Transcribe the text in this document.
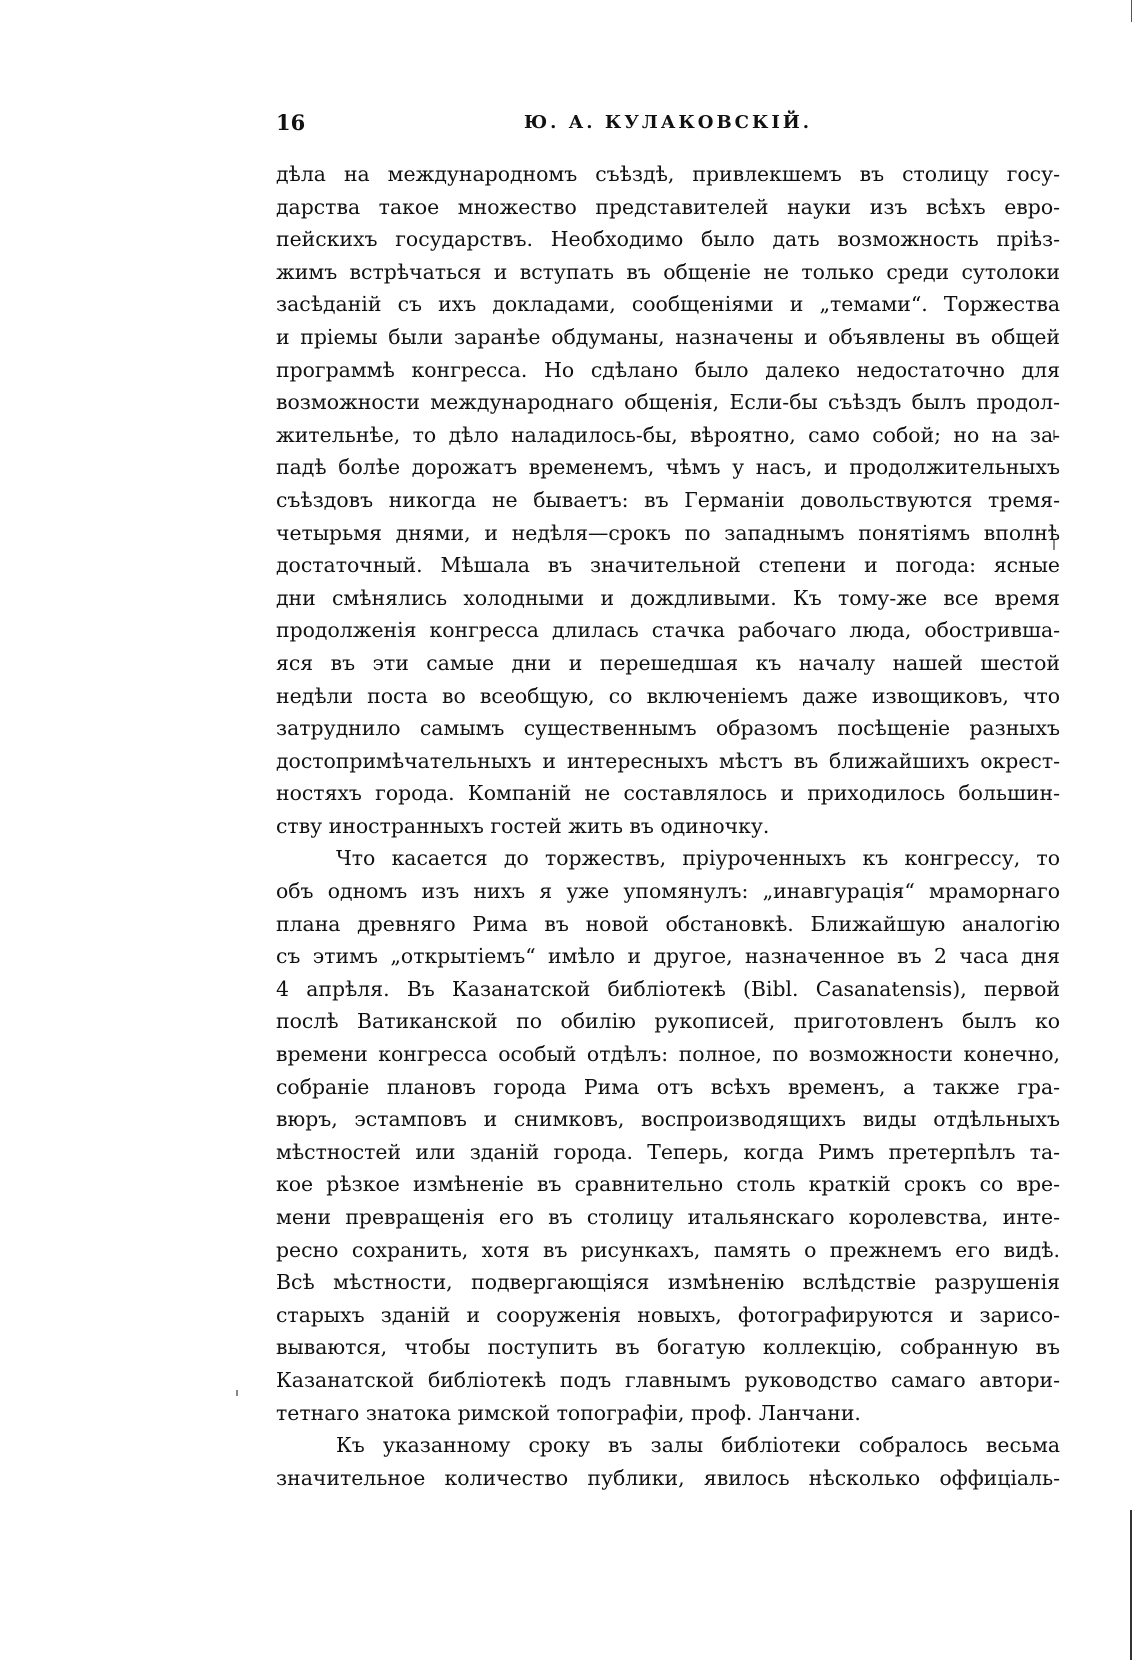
16	Ю. А. КУЛАКОВСКІЙ.
дѣла на международномъ съѣздѣ, привлекшемъ въ столицу госу-
дарства такое множество представителей науки изъ всѣхъ евро-
пейскихъ государствъ. Необходимо было дать возможность пріѣз-
жимъ встрѣчаться и вступать въ общеніе не только среди сутолоки
засѣданій съ ихъ докладами, сообщеніями и „темами“. Торжества
и пріемы были заранѣе обдуманы, назначены и объявлены въ общей
программѣ конгресса. Но сдѣлано было далеко недостаточно для
возможности международнаго общенія, Если-бы съѣздъ былъ продол-
жительнѣе, то дѣло наладилось-бы, вѣроятно, само собой; но на за-
падѣ болѣе дорожатъ временемъ, чѣмъ у насъ, и продолжительныхъ
съѣздовъ никогда не бываетъ: въ Германіи довольствуются тремя-
четырьмя днями, и недѣля—срокъ по западнымъ понятіямъ вполнѣ
достаточный. Мѣшала въ значительной степени и погода: ясные
дни смѣнялись холодными и дождливыми. Къ тому-же все время
продолженія конгресса длилась стачка рабочаго люда, обострившa-
яся въ эти самые дни и перешедшая къ началу нашей шестой
недѣли поста во всеобщую, со включеніемъ даже извощиковъ, что
затруднило самымъ существеннымъ образомъ посѣщеніе разныхъ
достопримѣчательныхъ и интересныхъ мѣстъ въ ближайшихъ окрест-
ностяхъ города. Компаній не составлялось и приходилось большин-
ству иностранныхъ гостей жить въ одиночку.
Что касается до торжествъ, пріуроченныхъ къ конгрессу, то
объ одномъ изъ нихъ я уже упомянулъ: „инавгурація“ мраморнаго
плана древняго Рима въ новой обстановкѣ. Ближайшую аналогію
съ этимъ „открытіемъ“ имѣло и другое, назначенное въ 2 часа дня
4 апрѣля. Въ Казанатской библіотекѣ (Bibl. Casanatensis), первой
послѣ Ватиканской по обилію рукописей, приготовленъ былъ ко
времени конгресса особый отдѣлъ: полное, по возможности конечно,
собраніе плановъ города Рима отъ всѣхъ временъ, а также гра-
вюръ, эстамповъ и снимковъ, воспроизводящихъ виды отдѣльныхъ
мѣстностей или зданій города. Теперь, когда Римъ претерпѣлъ та-
кое рѣзкое измѣненіе въ сравнительно столь краткій срокъ со вре-
мени превращенія его въ столицу итальянскаго королевства, инте-
ресно сохранить, хотя въ рисункахъ, память о прежнемъ его видѣ.
Всѣ мѣстности, подвергающіяся измѣненію вслѣдствіе разрушенія
старыхъ зданій и сооруженія новыхъ, фотографируются и зарисо-
вываются, чтобы поступить въ богатую коллекцію, собранную въ
Казанатской библіотекѣ подъ главнымъ руководство самаго автори-
тетнаго знатока римской топографіи, проф. Ланчани.
Къ указанному сроку въ залы библіотеки собралось весьма
значительное количество публики, явилось нѣсколько оффиціаль-
